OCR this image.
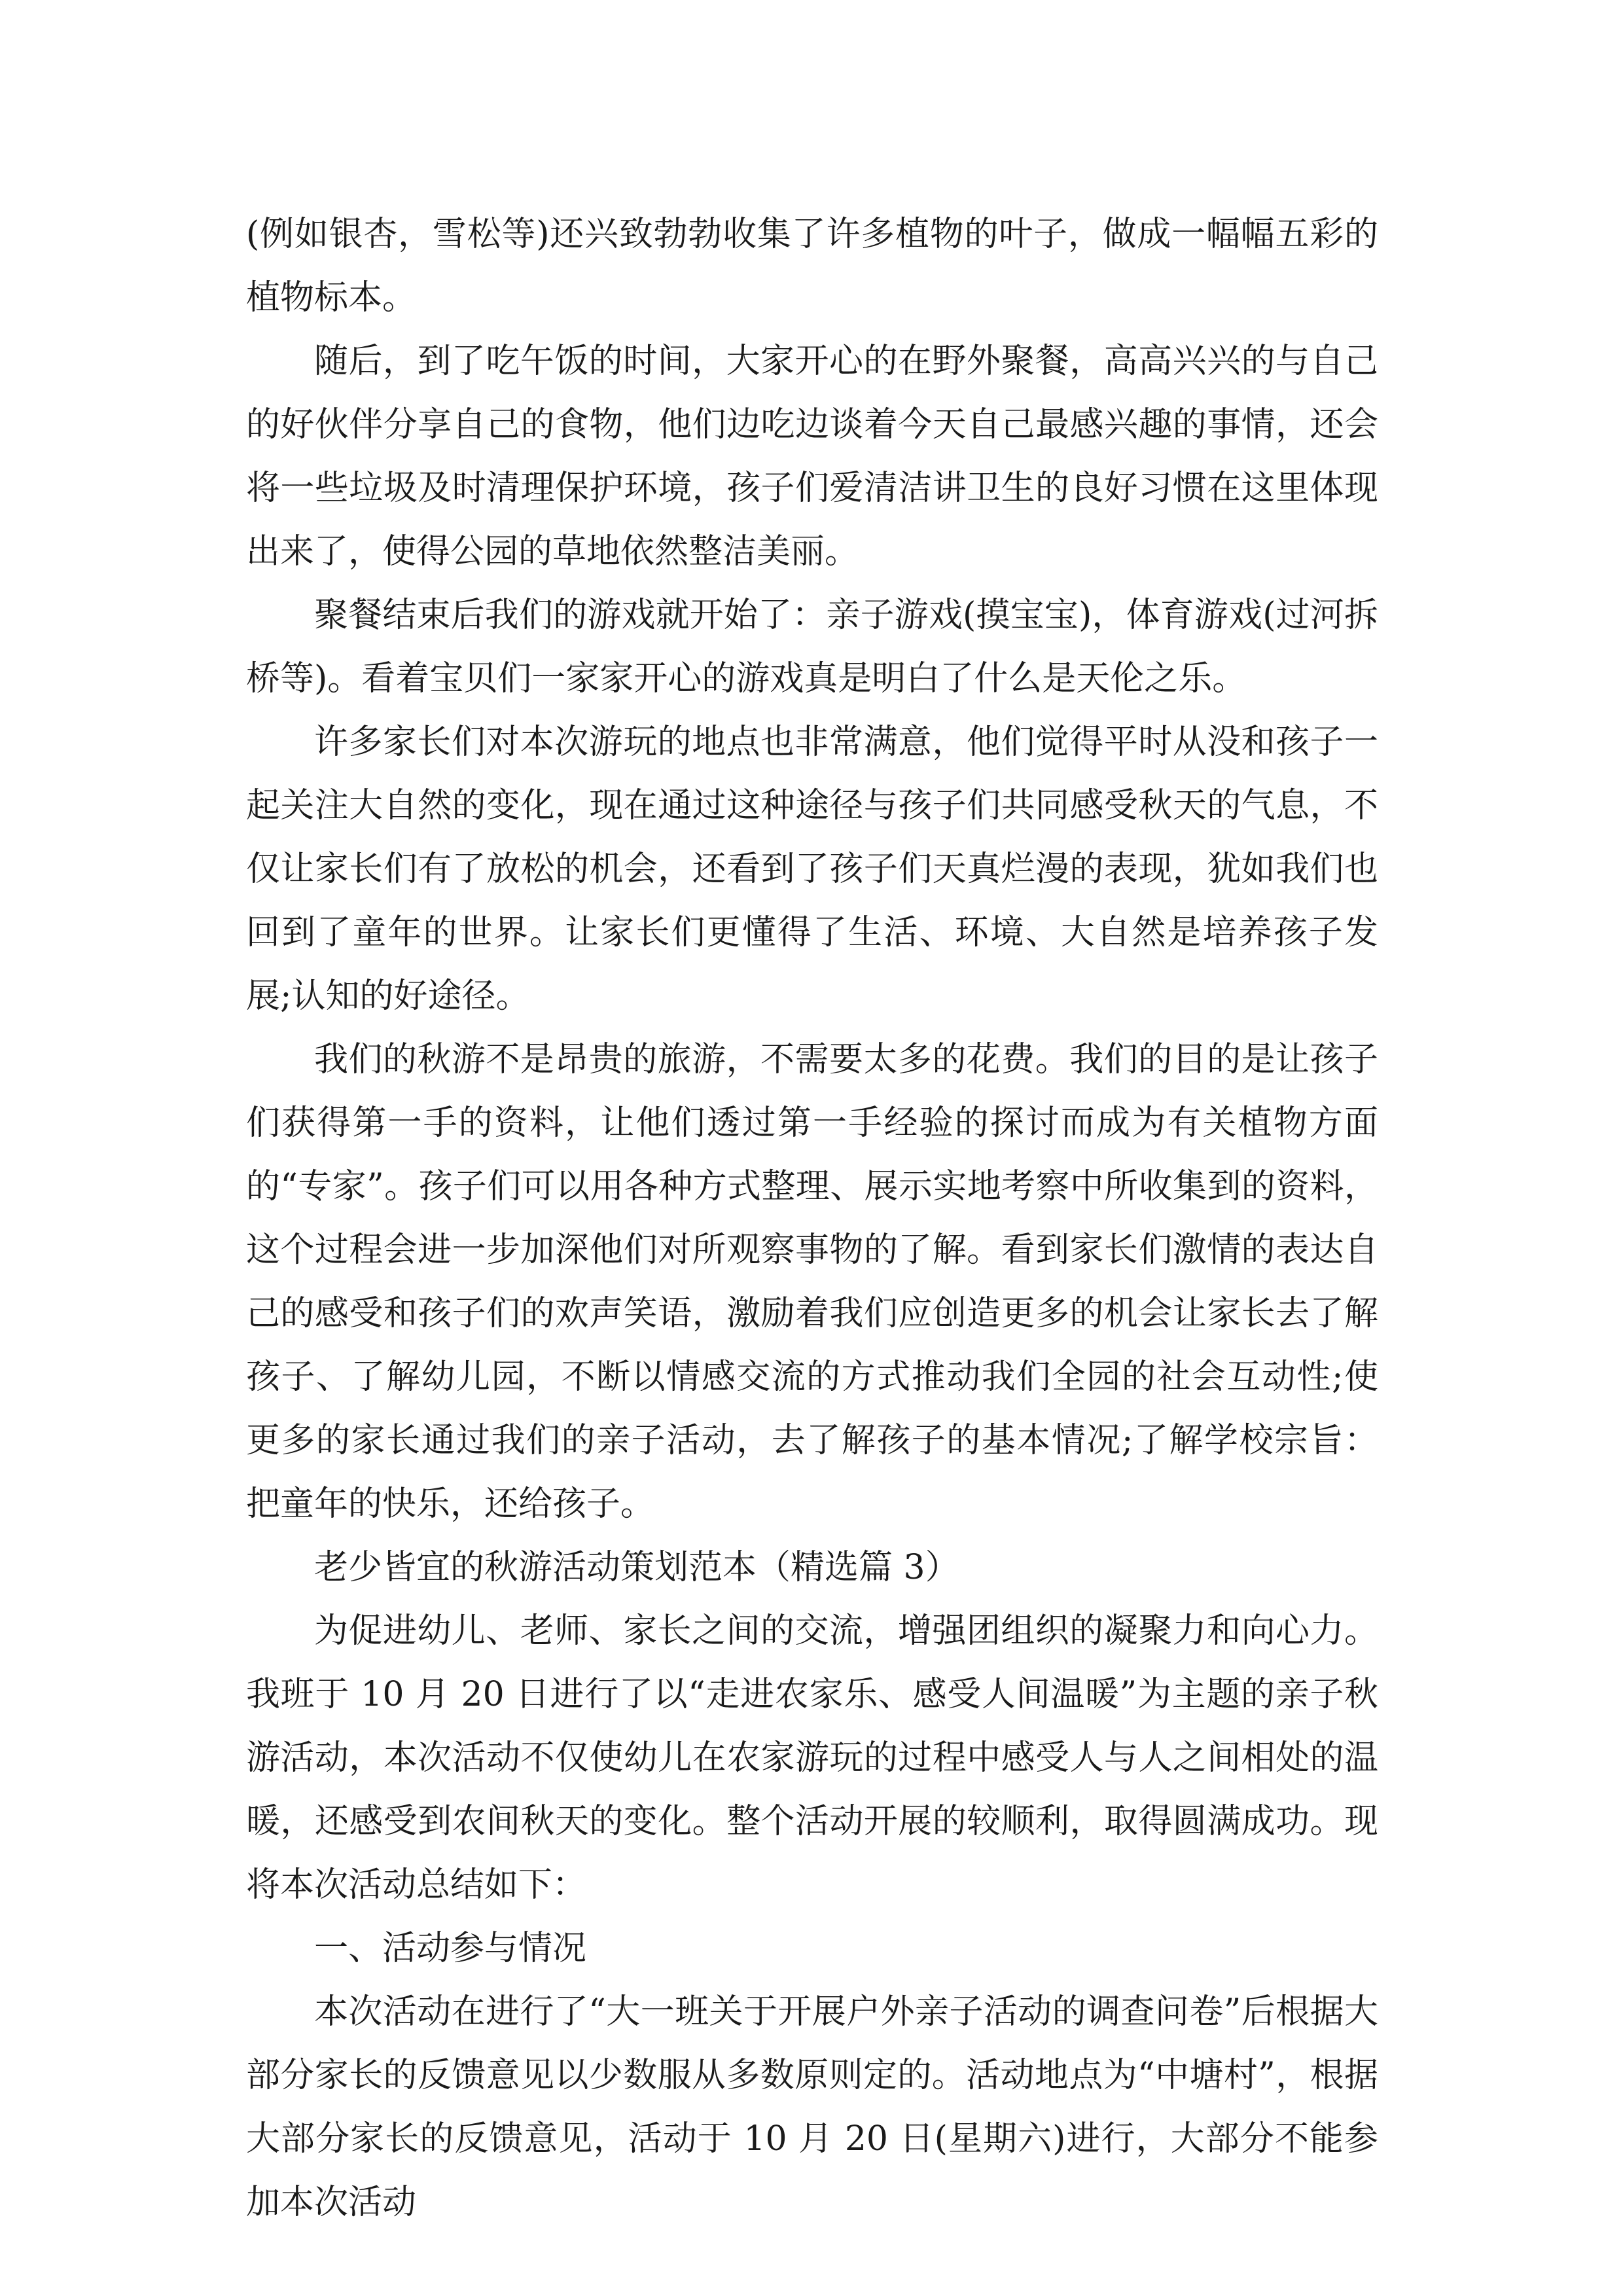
(例如银杏，雪松等)还兴致勃勃收集了许多植物的叶子，做成一幅幅五彩的植物标本。

随后，到了吃午饭的时间，大家开心的在野外聚餐，高高兴兴的与自己的好伙伴分享自己的食物，他们边吃边谈着今天自己最感兴趣的事情，还会将一些垃圾及时清理保护环境，孩子们爱清洁讲卫生的良好习惯在这里体现出来了，使得公园的草地依然整洁美丽。

聚餐结束后我们的游戏就开始了：亲子游戏(摸宝宝)，体育游戏(过河拆桥等)。看着宝贝们一家家开心的游戏真是明白了什么是天伦之乐。

许多家长们对本次游玩的地点也非常满意，他们觉得平时从没和孩子一起关注大自然的变化，现在通过这种途径与孩子们共同感受秋天的气息，不仅让家长们有了放松的机会，还看到了孩子们天真烂漫的表现，犹如我们也回到了童年的世界。让家长们更懂得了生活、环境、大自然是培养孩子发展;认知的好途径。

我们的秋游不是昂贵的旅游，不需要太多的花费。我们的目的是让孩子们获得第一手的资料，让他们透过第一手经验的探讨而成为有关植物方面的“专家”。孩子们可以用各种方式整理、展示实地考察中所收集到的资料，这个过程会进一步加深他们对所观察事物的了解。看到家长们激情的表达自己的感受和孩子们的欢声笑语，激励着我们应创造更多的机会让家长去了解孩子、了解幼儿园，不断以情感交流的方式推动我们全园的社会互动性;使更多的家长通过我们的亲子活动，去了解孩子的基本情况;了解学校宗旨：把童年的快乐，还给孩子。

老少皆宜的秋游活动策划范本（精选篇 3）

为促进幼儿、老师、家长之间的交流，增强团组织的凝聚力和向心力。我班于 10 月 20 日进行了以“走进农家乐、感受人间温暖”为主题的亲子秋游活动，本次活动不仅使幼儿在农家游玩的过程中感受人与人之间相处的温暖，还感受到农间秋天的变化。整个活动开展的较顺利，取得圆满成功。现将本次活动总结如下：

一、活动参与情况

本次活动在进行了“大一班关于开展户外亲子活动的调查问卷”后根据大部分家长的反馈意见以少数服从多数原则定的。活动地点为“中塘村”，根据大部分家长的反馈意见，活动于 10 月 20 日(星期六)进行，大部分不能参加本次活动
